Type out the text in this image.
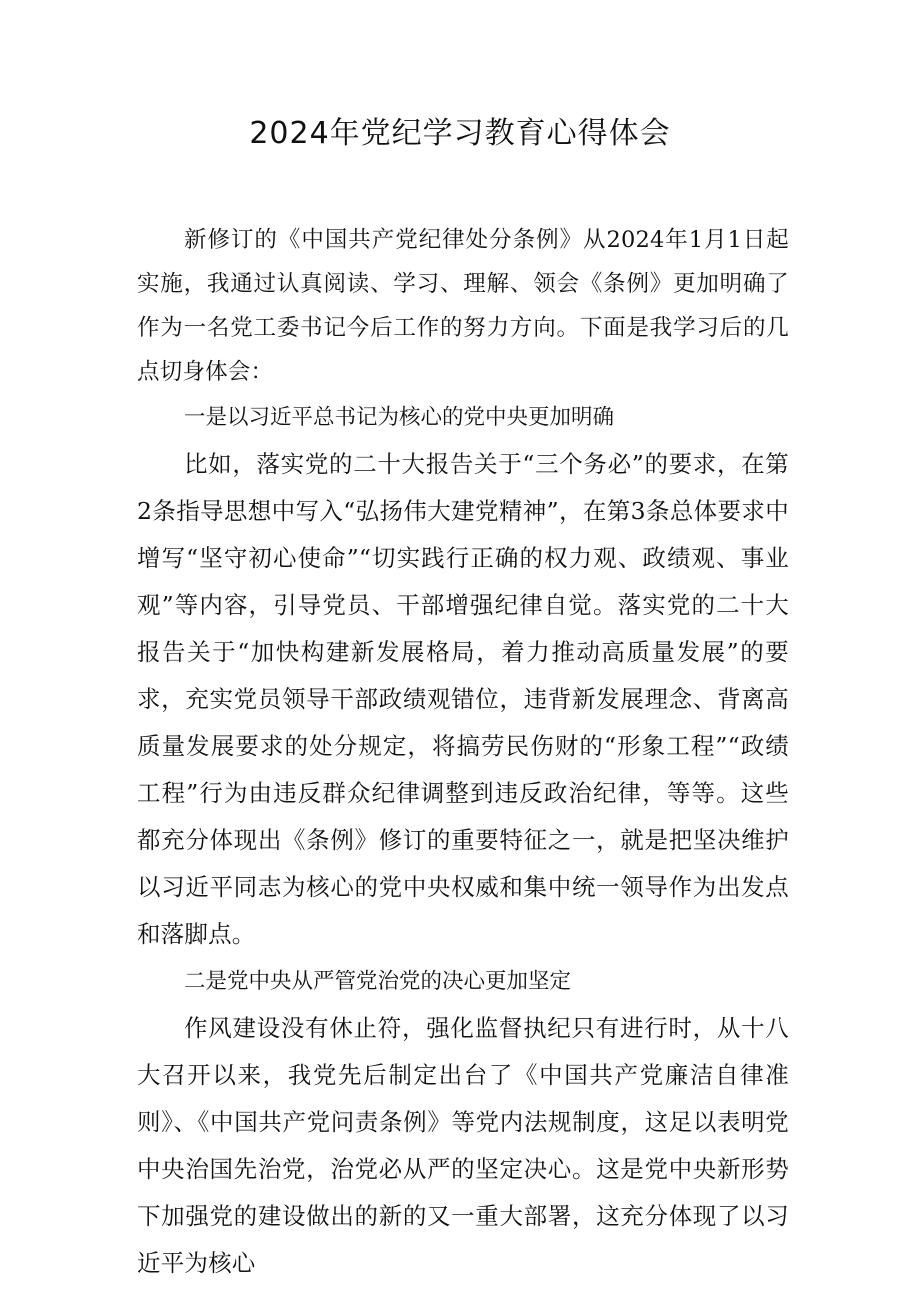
2024年党纪学习教育心得体会

新修订的《中国共产党纪律处分条例》从2024年1月1日起实施，我通过认真阅读、学习、理解、领会《条例》更加明确了作为一名党工委书记今后工作的努力方向。下面是我学习后的几点切身体会：

一是以习近平总书记为核心的党中央更加明确

比如，落实党的二十大报告关于“三个务必”的要求，在第2条指导思想中写入“弘扬伟大建党精神”，在第3条总体要求中增写“坚守初心使命”“切实践行正确的权力观、政绩观、事业观”等内容，引导党员、干部增强纪律自觉。落实党的二十大报告关于“加快构建新发展格局，着力推动高质量发展”的要求，充实党员领导干部政绩观错位，违背新发展理念、背离高质量发展要求的处分规定，将搞劳民伤财的“形象工程”“政绩工程”行为由违反群众纪律调整到违反政治纪律，等等。这些都充分体现出《条例》修订的重要特征之一，就是把坚决维护以习近平同志为核心的党中央权威和集中统一领导作为出发点和落脚点。

二是党中央从严管党治党的决心更加坚定

作风建设没有休止符，强化监督执纪只有进行时，从十八大召开以来，我党先后制定出台了《中国共产党廉洁自律准则》、《中国共产党问责条例》等党内法规制度，这足以表明党中央治国先治党，治党必从严的坚定决心。这是党中央新形势下加强党的建设做出的新的又一重大部署，这充分体现了以习近平为核心
